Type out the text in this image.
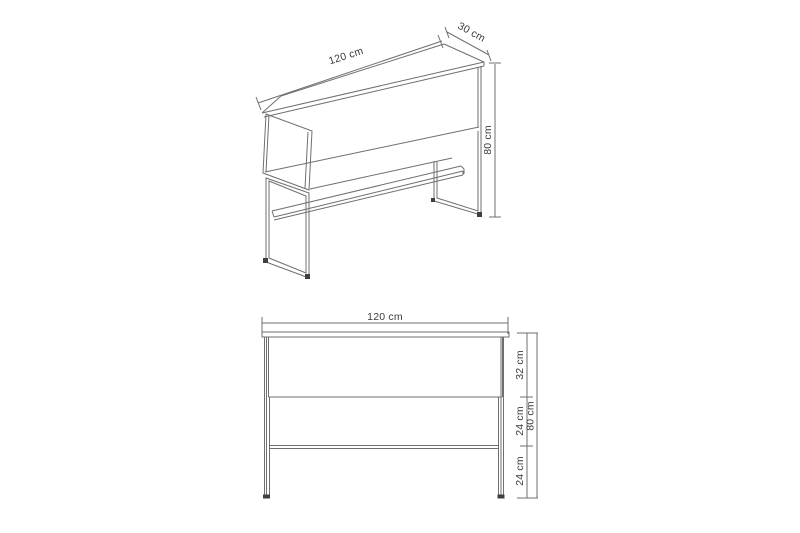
120 cm
30 cm
80 cm
120 cm
32 cm
24 cm
24 cm
80 cm
